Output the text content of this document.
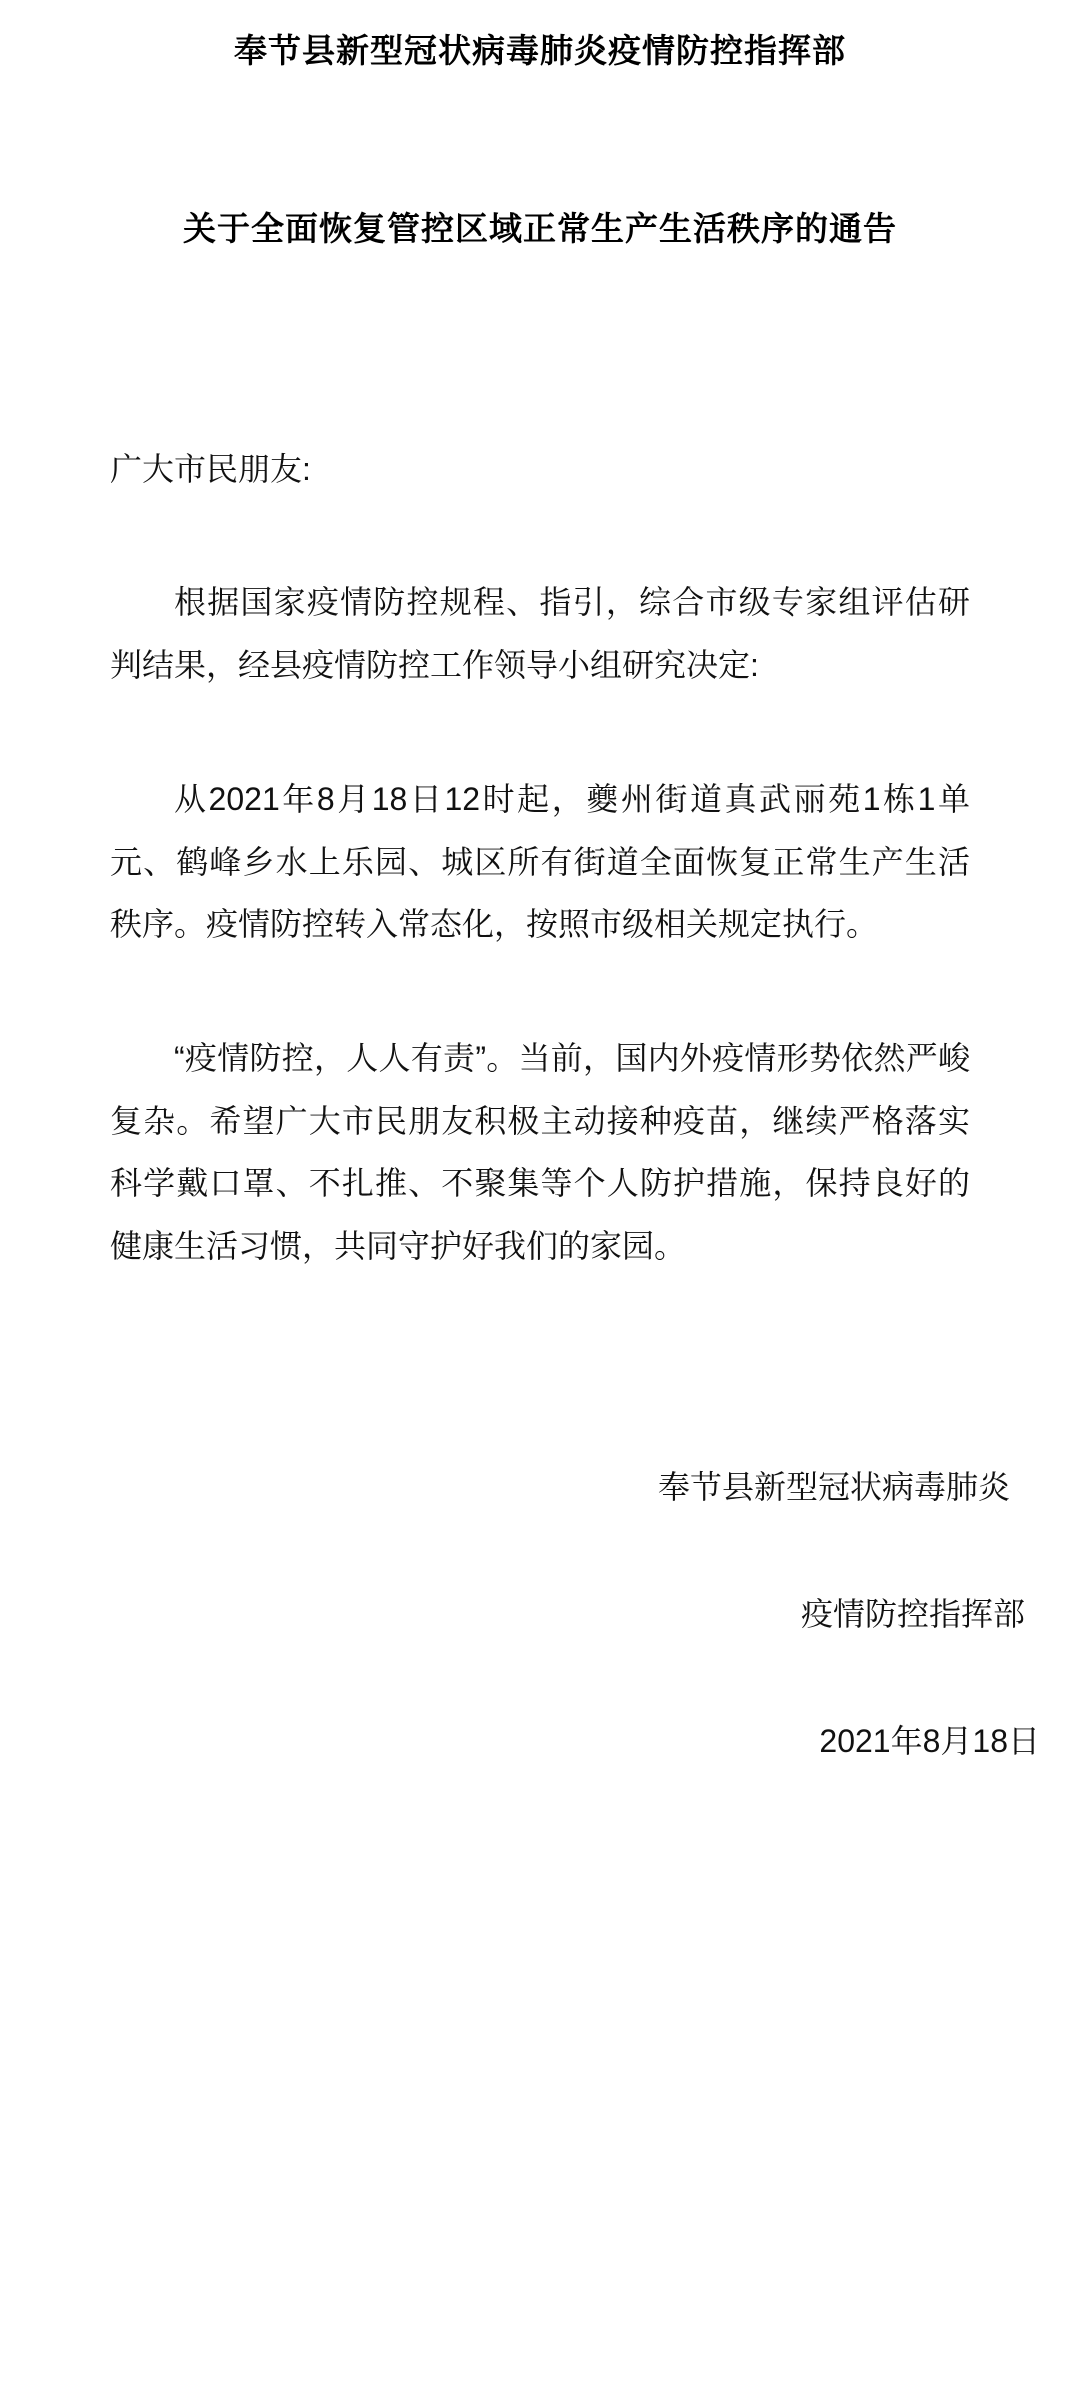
奉节县新型冠状病毒肺炎疫情防控指挥部
关于全面恢复管控区域正常生产生活秩序的通告
广大市民朋友:

根据国家疫情防控规程、指引，综合市级专家组评估研判结果，经县疫情防控工作领导小组研究决定:

从2021年8月18日12时起，夔州街道真武丽苑1栋1单元、鹤峰乡水上乐园、城区所有街道全面恢复正常生产生活秩序。疫情防控转入常态化，按照市级相关规定执行。

“疫情防控，人人有责”。当前，国内外疫情形势依然严峻复杂。希望广大市民朋友积极主动接种疫苗，继续严格落实科学戴口罩、不扎推、不聚集等个人防护措施，保持良好的健康生活习惯，共同守护好我们的家园。

奉节县新型冠状病毒肺炎
疫情防控指挥部
2021年8月18日
